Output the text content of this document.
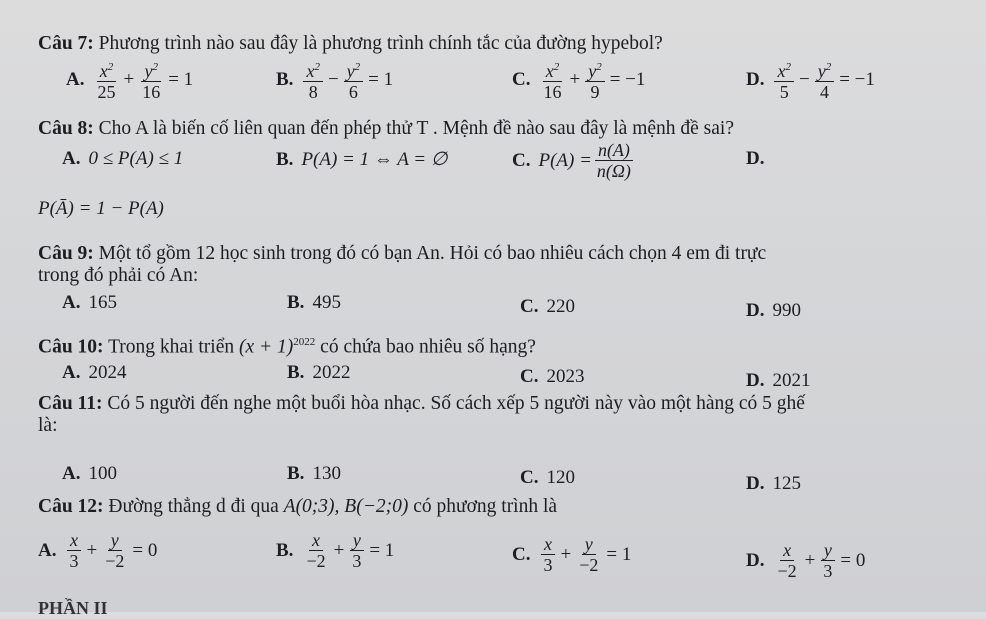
Câu 7: Phương trình nào sau đây là phương trình chính tắc của đường hypebol?
A. $\frac{x^2}{25} + \frac{y^2}{16} = 1$	B. $\frac{x^2}{8} - \frac{y^2}{6} = 1$	C. $\frac{x^2}{16} + \frac{y^2}{9} = -1$	D. $\frac{x^2}{5} - \frac{y^2}{4} = -1$
Câu 8: Cho A là biến cố liên quan đến phép thử T . Mệnh đề nào sau đây là mệnh đề sai?
A. 0 ≤ P(A) ≤ 1	B. P(A) = 1 ⇔ A = ∅	C. $P(A) = \frac{n(A)}{n(\Omega)}$	D.
P(Ā) = 1 − P(A)
Câu 9: Một tổ gồm 12 học sinh trong đó có bạn An. Hỏi có bao nhiêu cách chọn 4 em đi trực
trong đó phải có An:
A. 165	B. 495	C. 220	D. 990
Câu 10: Trong khai triển $(x + 1)^{2022}$ có chứa bao nhiêu số hạng?
A. 2024	B. 2022	C. 2023	D. 2021
Câu 11: Có 5 người đến nghe một buổi hòa nhạc. Số cách xếp 5 người này vào một hàng có 5 ghế
là:
A. 100	B. 130	C. 120	D. 125
Câu 12: Đường thẳng d đi qua A(0;3), B(−2;0) có phương trình là
A. $\frac{x}{3} + \frac{y}{-2} = 0$	B. $\frac{x}{-2} + \frac{y}{3} = 1$	C. $\frac{x}{3} + \frac{y}{-2} = 1$	D. $\frac{x}{-2} + \frac{y}{3} = 0$
PHẦN II
